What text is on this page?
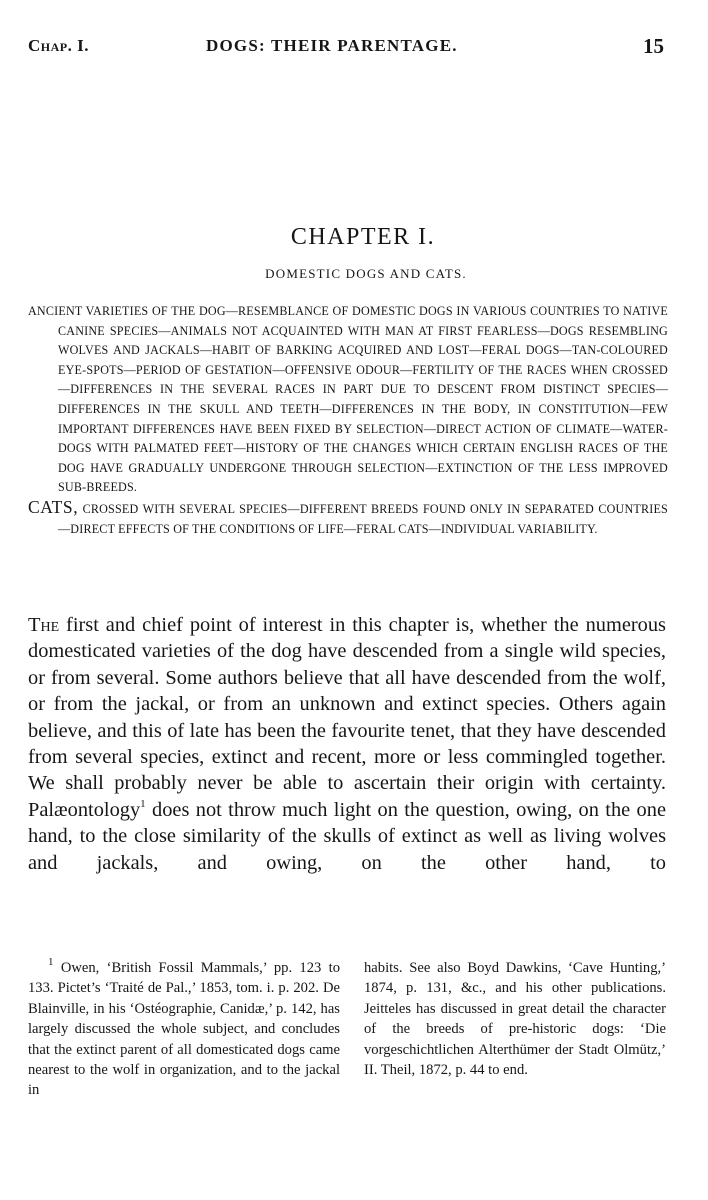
Chap. I.	DOGS: THEIR PARENTAGE.	15
CHAPTER I.
DOMESTIC DOGS AND CATS.

ANCIENT VARIETIES OF THE DOG—RESEMBLANCE OF DOMESTIC DOGS IN VARIOUS COUNTRIES TO NATIVE CANINE SPECIES—ANIMALS NOT ACQUAINTED WITH MAN AT FIRST FEARLESS—DOGS RESEMBLING WOLVES AND JACKALS—HABIT OF BARKING ACQUIRED AND LOST—FERAL DOGS—TAN-COLOURED EYE-SPOTS—PERIOD OF GESTATION—OFFENSIVE ODOUR—FERTILITY OF THE RACES WHEN CROSSED—DIFFERENCES IN THE SEVERAL RACES IN PART DUE TO DESCENT FROM DISTINCT SPECIES—DIFFERENCES IN THE SKULL AND TEETH—DIFFERENCES IN THE BODY, IN CONSTITUTION—FEW IMPORTANT DIFFERENCES HAVE BEEN FIXED BY SELECTION—DIRECT ACTION OF CLIMATE—WATER-DOGS WITH PALMATED FEET—HISTORY OF THE CHANGES WHICH CERTAIN ENGLISH RACES OF THE DOG HAVE GRADUALLY UNDERGONE THROUGH SELECTION—EXTINCTION OF THE LESS IMPROVED SUB-BREEDS.

CATS, CROSSED WITH SEVERAL SPECIES—DIFFERENT BREEDS FOUND ONLY IN SEPARATED COUNTRIES—DIRECT EFFECTS OF THE CONDITIONS OF LIFE—FERAL CATS—INDIVIDUAL VARIABILITY.

The first and chief point of interest in this chapter is, whether the numerous domesticated varieties of the dog have descended from a single wild species, or from several. Some authors believe that all have descended from the wolf, or from the jackal, or from an unknown and extinct species. Others again believe, and this of late has been the favourite tenet, that they have descended from several species, extinct and recent, more or less commingled together. We shall probably never be able to ascertain their origin with certainty. Palæontology$^1$ does not throw much light on the question, owing, on the one hand, to the close similarity of the skulls of extinct as well as living wolves and jackals, and owing, on the other hand, to

$^1$ Owen, ‘British Fossil Mammals,’ pp. 123 to 133. Pictet’s ‘Traité de Pal.,’ 1853, tom. i. p. 202. De Blainville, in his ‘Ostéographie, Canidæ,’ p. 142, has largely discussed the whole subject, and concludes that the extinct parent of all domesticated dogs came nearest to the wolf in organization, and to the jackal in

habits. See also Boyd Dawkins, ‘Cave Hunting,’ 1874, p. 131, &c., and his other publications. Jeitteles has discussed in great detail the character of the breeds of pre-historic dogs: ‘Die vorgeschichtlichen Alterthümer der Stadt Olmütz,’ II. Theil, 1872, p. 44 to end.
